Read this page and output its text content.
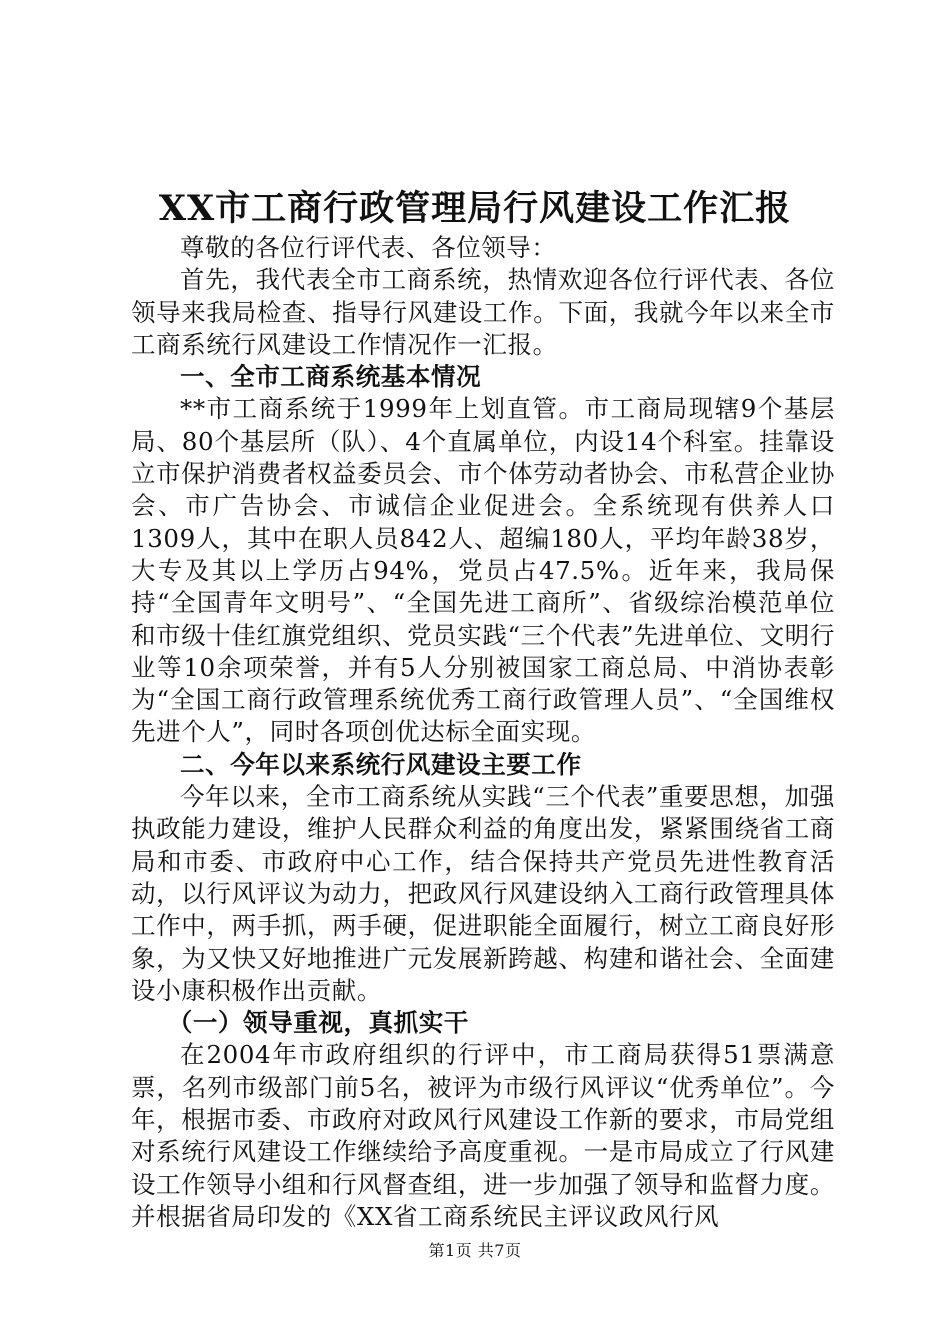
XX市工商行政管理局行风建设工作汇报

尊敬的各位行评代表、各位领导：

首先，我代表全市工商系统，热情欢迎各位行评代表、各位领导来我局检查、指导行风建设工作。下面，我就今年以来全市工商系统行风建设工作情况作一汇报。

一、全市工商系统基本情况

**市工商系统于1999年上划直管。市工商局现辖9个基层局、80个基层所（队）、4个直属单位，内设14个科室。挂靠设立市保护消费者权益委员会、市个体劳动者协会、市私营企业协会、市广告协会、市诚信企业促进会。全系统现有供养人口1309人，其中在职人员842人、超编180人，平均年龄38岁，大专及其以上学历占94%，党员占47.5%。近年来，我局保持“全国青年文明号”、“全国先进工商所”、省级综治模范单位和市级十佳红旗党组织、党员实践“三个代表”先进单位、文明行业等10余项荣誉，并有5人分别被国家工商总局、中消协表彰为“全国工商行政管理系统优秀工商行政管理人员”、“全国维权先进个人”，同时各项创优达标全面实现。

二、今年以来系统行风建设主要工作

今年以来，全市工商系统从实践“三个代表”重要思想，加强执政能力建设，维护人民群众利益的角度出发，紧紧围绕省工商局和市委、市政府中心工作，结合保持共产党员先进性教育活动，以行风评议为动力，把政风行风建设纳入工商行政管理具体工作中，两手抓，两手硬，促进职能全面履行，树立工商良好形象，为又快又好地推进广元发展新跨越、构建和谐社会、全面建设小康积极作出贡献。

（一）领导重视，真抓实干

在2004年市政府组织的行评中，市工商局获得51票满意票，名列市级部门前5名，被评为市级行风评议“优秀单位”。今年，根据市委、市政府对政风行风建设工作新的要求，市局党组对系统行风建设工作继续给予高度重视。一是市局成立了行风建设工作领导小组和行风督查组，进一步加强了领导和监督力度。并根据省局印发的《XX省工商系统民主评议政风行风

第1页 共7页
